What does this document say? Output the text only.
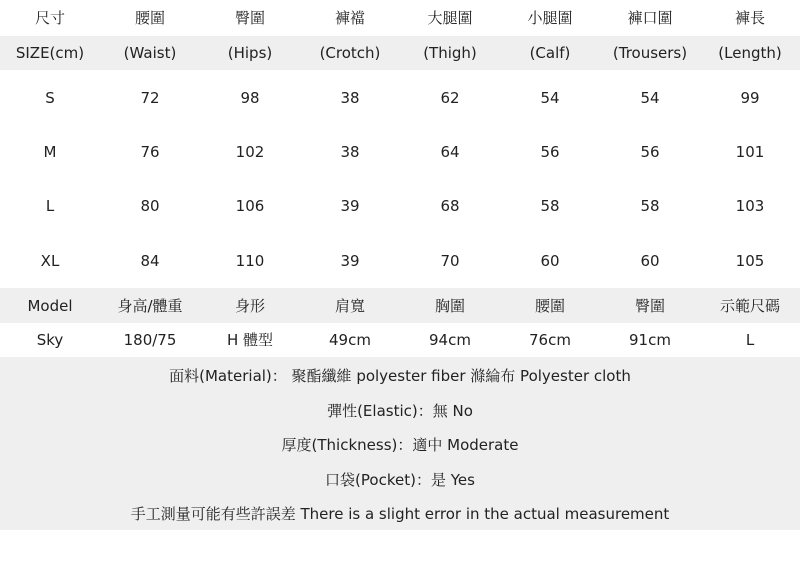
尺寸	腰圍	臀圍	褲襠	大腿圍	小腿圍	褲口圍	褲長
SIZE(cm)	(Waist)	(Hips)	(Crotch)	(Thigh)	(Calf)	(Trousers)	(Length)
S	72	98	38	62	54	54	99
M	76	102	38	64	56	56	101
L	80	106	39	68	58	58	103
XL	84	110	39	70	60	60	105
Model	身高/體重	身形	肩寬	胸圍	腰圍	臀圍	示範尺碼
Sky	180/75	H 體型	49cm	94cm	76cm	91cm	L
面料(Material)： 聚酯纖維 polyester fiber 滌綸布 Polyester cloth
彈性(Elastic)：無 No
厚度(Thickness)：適中 Moderate
口袋(Pocket)：是 Yes
手工測量可能有些許誤差 There is a slight error in the actual measurement
